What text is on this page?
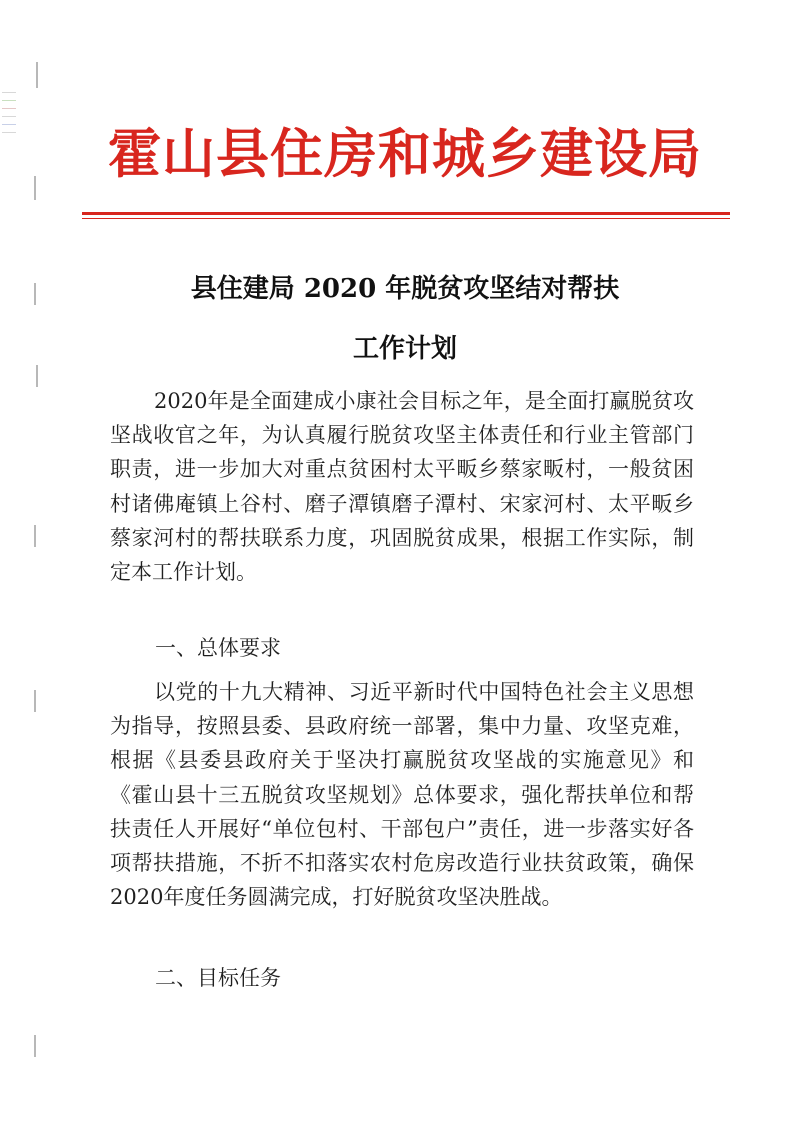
霍山县住房和城乡建设局
县住建局 2020 年脱贫攻坚结对帮扶
工作计划
2020年是全面建成小康社会目标之年，是全面打赢脱贫攻坚战收官之年，为认真履行脱贫攻坚主体责任和行业主管部门职责，进一步加大对重点贫困村太平畈乡蔡家畈村，一般贫困村诸佛庵镇上谷村、磨子潭镇磨子潭村、宋家河村、太平畈乡蔡家河村的帮扶联系力度，巩固脱贫成果，根据工作实际，制定本工作计划。
一、总体要求
以党的十九大精神、习近平新时代中国特色社会主义思想为指导，按照县委、县政府统一部署，集中力量、攻坚克难，根据《县委县政府关于坚决打赢脱贫攻坚战的实施意见》和《霍山县十三五脱贫攻坚规划》总体要求，强化帮扶单位和帮扶责任人开展好“单位包村、干部包户”责任，进一步落实好各项帮扶措施，不折不扣落实农村危房改造行业扶贫政策，确保2020年度任务圆满完成，打好脱贫攻坚决胜战。
二、目标任务
